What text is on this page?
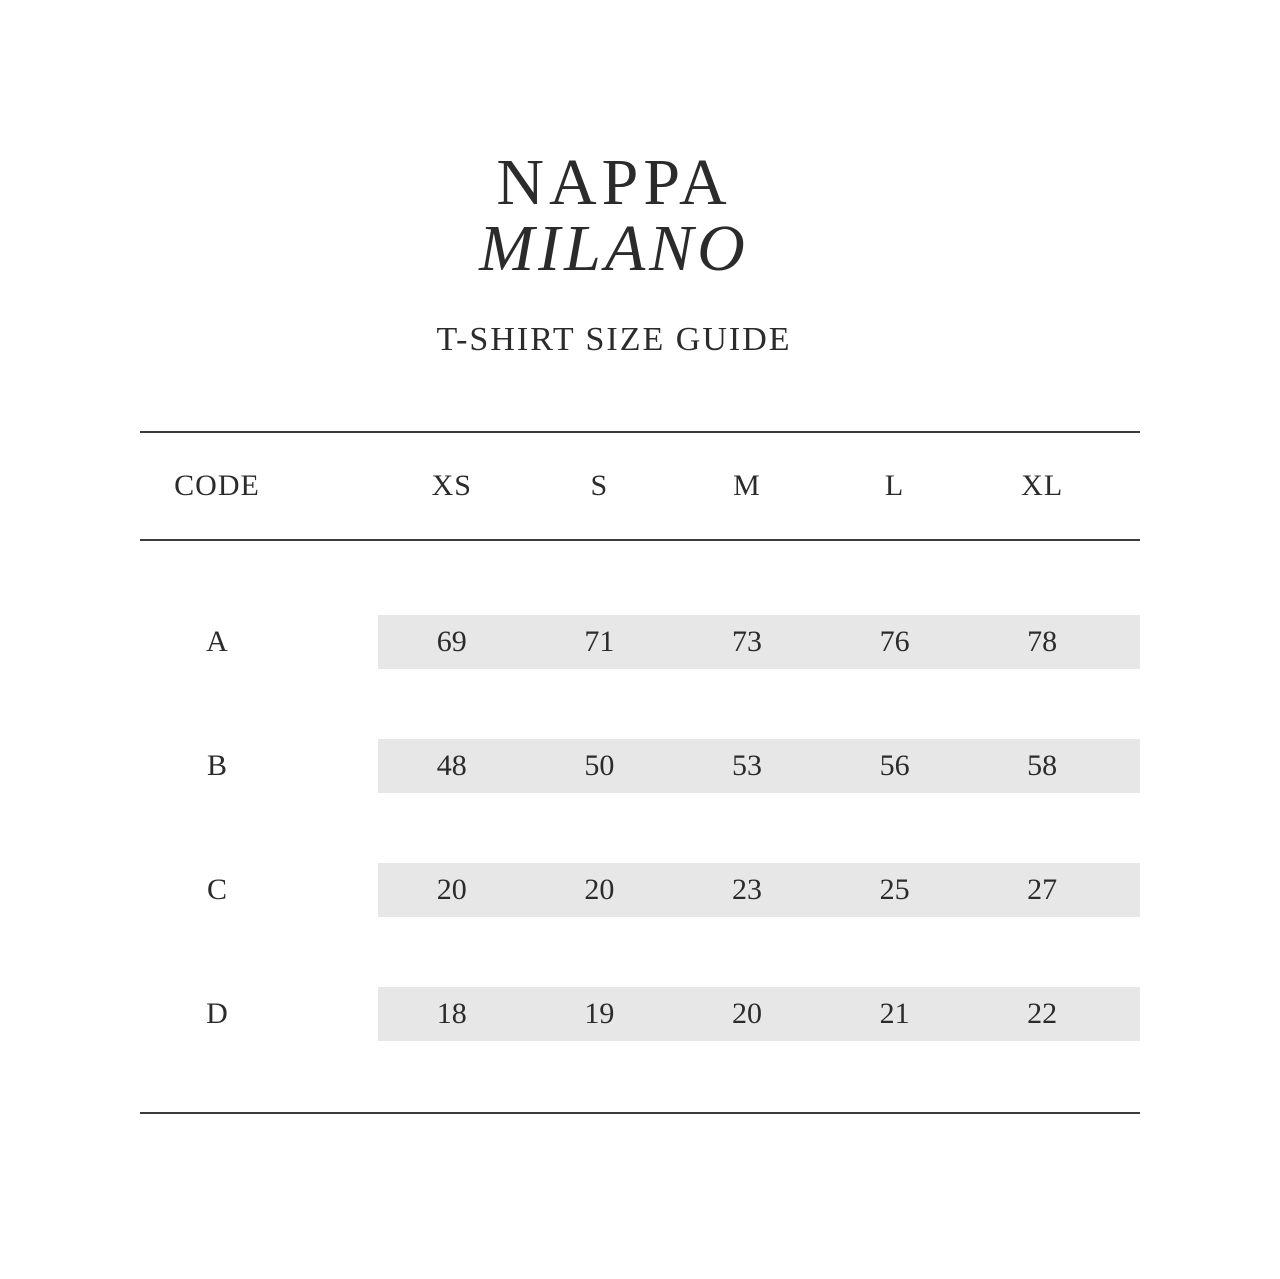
NAPPA
MILANO
T-SHIRT SIZE GUIDE
CODE	XS	S	M	L	XL
A	69	71	73	76	78
B	48	50	53	56	58
C	20	20	23	25	27
D	18	19	20	21	22
